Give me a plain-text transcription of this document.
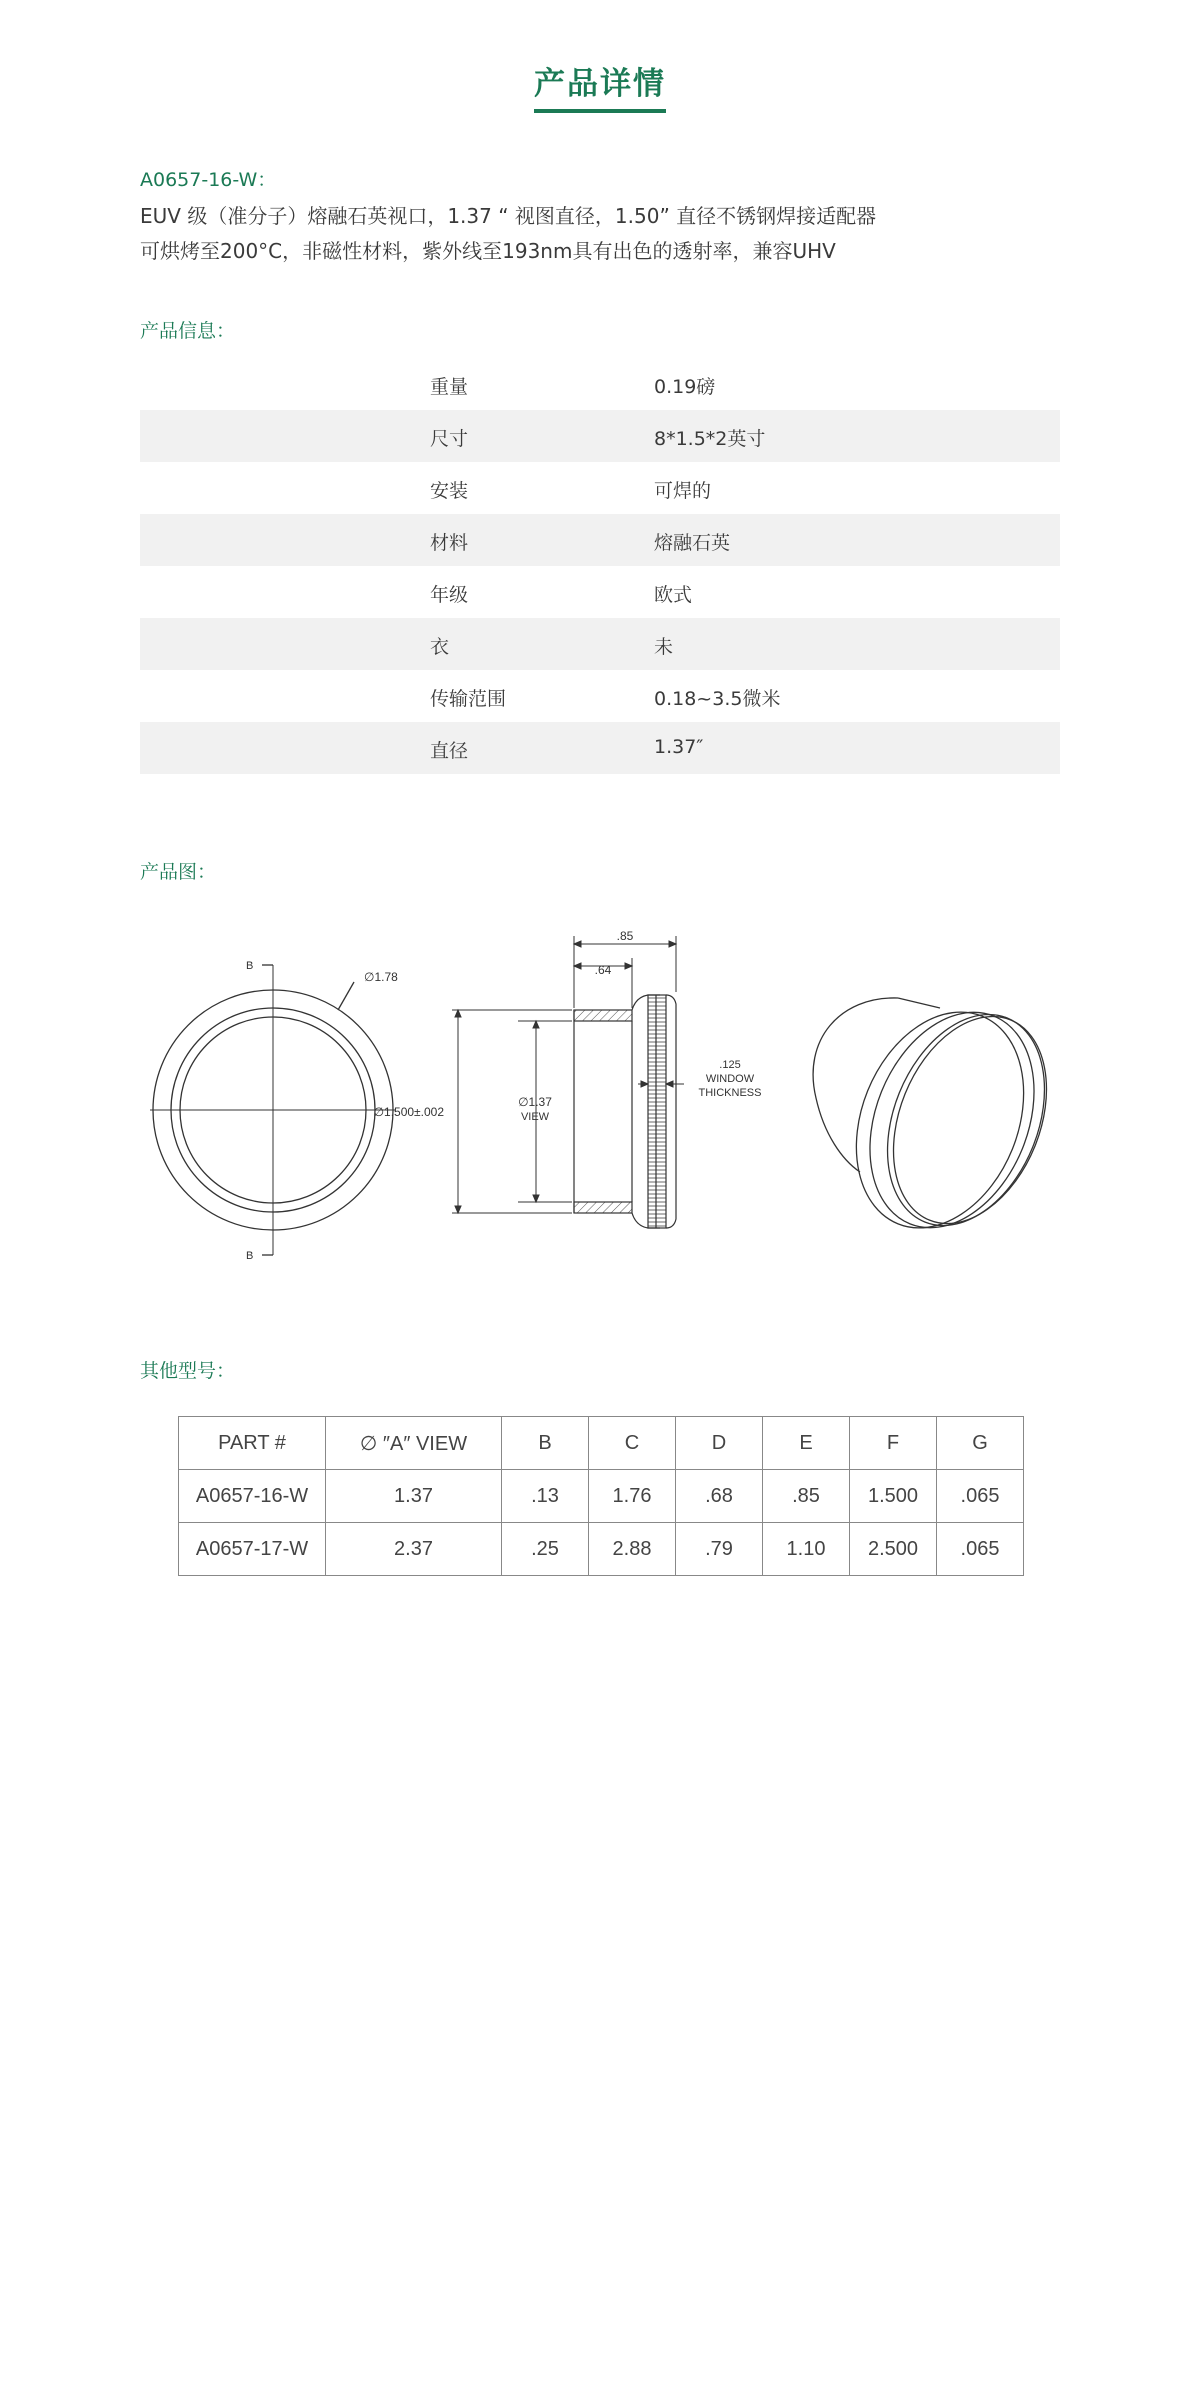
产品详情
A0657-16-W：
EUV 级（准分子）熔融石英视口，1.37 “ 视图直径，1.50” 直径不锈钢焊接适配器
可烘烤至200°C，非磁性材料，紫外线至193nm具有出色的透射率，兼容UHV
产品信息：
重量	0.19磅
尺寸	8*1.5*2英寸
安装	可焊的
材料	熔融石英
年级	欧式
衣	未
传输范围	0.18~3.5微米
直径	1.37″
产品图：
B
B
∅1.78
.85
.64
∅1.500±.002
∅1.37
VIEW
.125
WINDOW
THICKNESS
其他型号：
PART #	∅ ″A″ VIEW	B	C	D	E	F	G
A0657-16-W	1.37	.13	1.76	.68	.85	1.500	.065
A0657-17-W	2.37	.25	2.88	.79	1.10	2.500	.065
